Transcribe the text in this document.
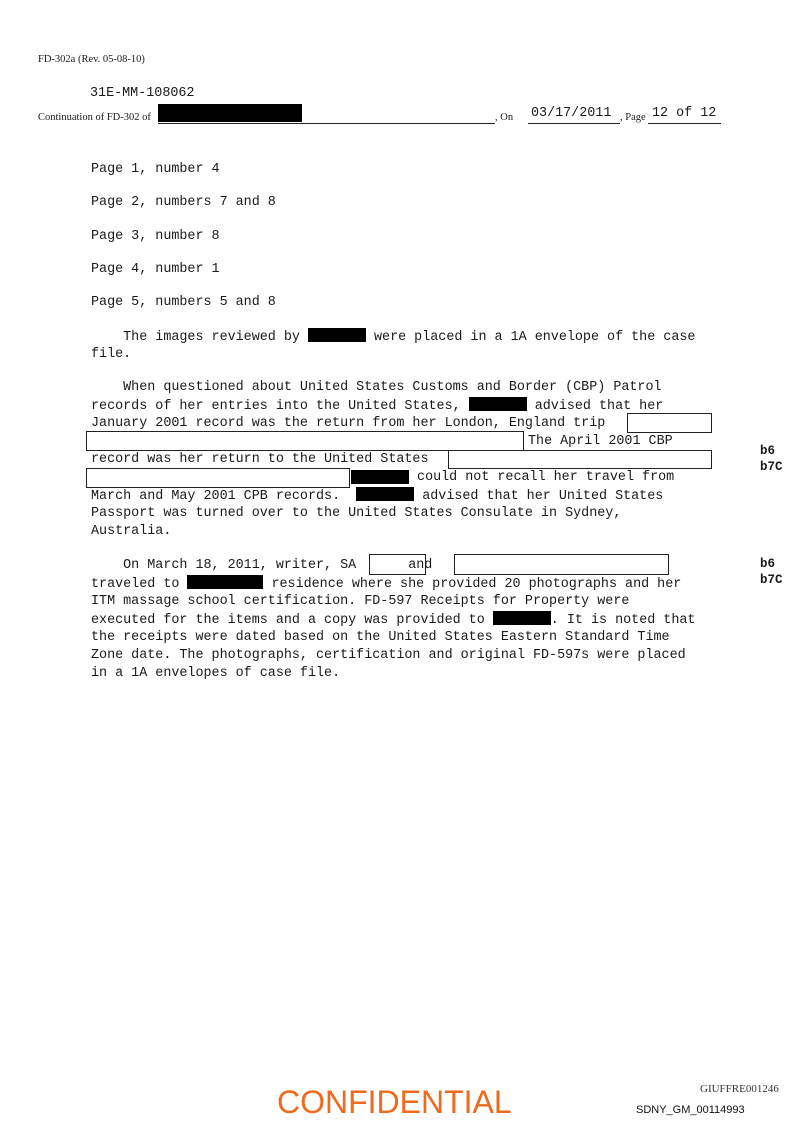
FD-302a (Rev. 05-08-10)
31E-MM-108062
Continuation of FD-302 of	, On 03/17/2011 , Page 12 of 12
Page 1, number 4
Page 2, numbers 7 and 8
Page 3, number 8
Page 4, number 1
Page 5, numbers 5 and 8
The images reviewed by	were placed in a 1A envelope of the case
file.
When questioned about United States Customs and Border (CBP) Patrol
records of her entries into the United States,	advised that her
January 2001 record was the return from her London, England trip
The April 2001 CBP
record was her return to the United States
could not recall her travel from
March and May 2001 CPB records.	advised that her United States
Passport was turned over to the United States Consulate in Sydney,
Australia.
On March 18, 2011, writer, SA	and
traveled to	residence where she provided 20 photographs and her
ITM massage school certification. FD-597 Receipts for Property were
executed for the items and a copy was provided to	. It is noted that
the receipts were dated based on the United States Eastern Standard Time
Zone date. The photographs, certification and original FD-597s were placed
in a 1A envelopes of case file.
b6
b7C
b6
b7C
CONFIDENTIAL	GIUFFRE001246
SDNY_GM_00114993
